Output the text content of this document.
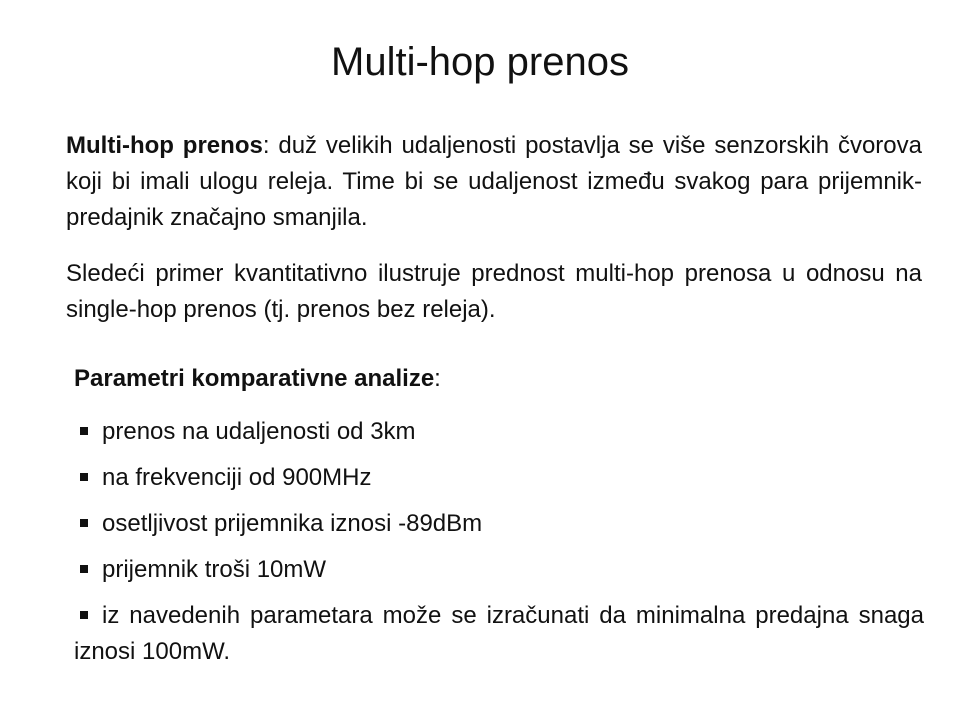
Multi-hop prenos
Multi-hop prenos: duž velikih udaljenosti postavlja se više senzorskih čvorova koji bi imali ulogu releja. Time bi se udaljenost između svakog para prijemnik-predajnik značajno smanjila.
Sledeći primer kvantitativno ilustruje prednost multi-hop prenosa u odnosu na single-hop prenos (tj. prenos bez releja).
Parametri komparativne analize:
prenos na udaljenosti od 3km
na frekvenciji od 900MHz
osetljivost prijemnika iznosi -89dBm
prijemnik troši 10mW
iz navedenih parametara može se izračunati da minimalna predajna snaga iznosi 100mW.
